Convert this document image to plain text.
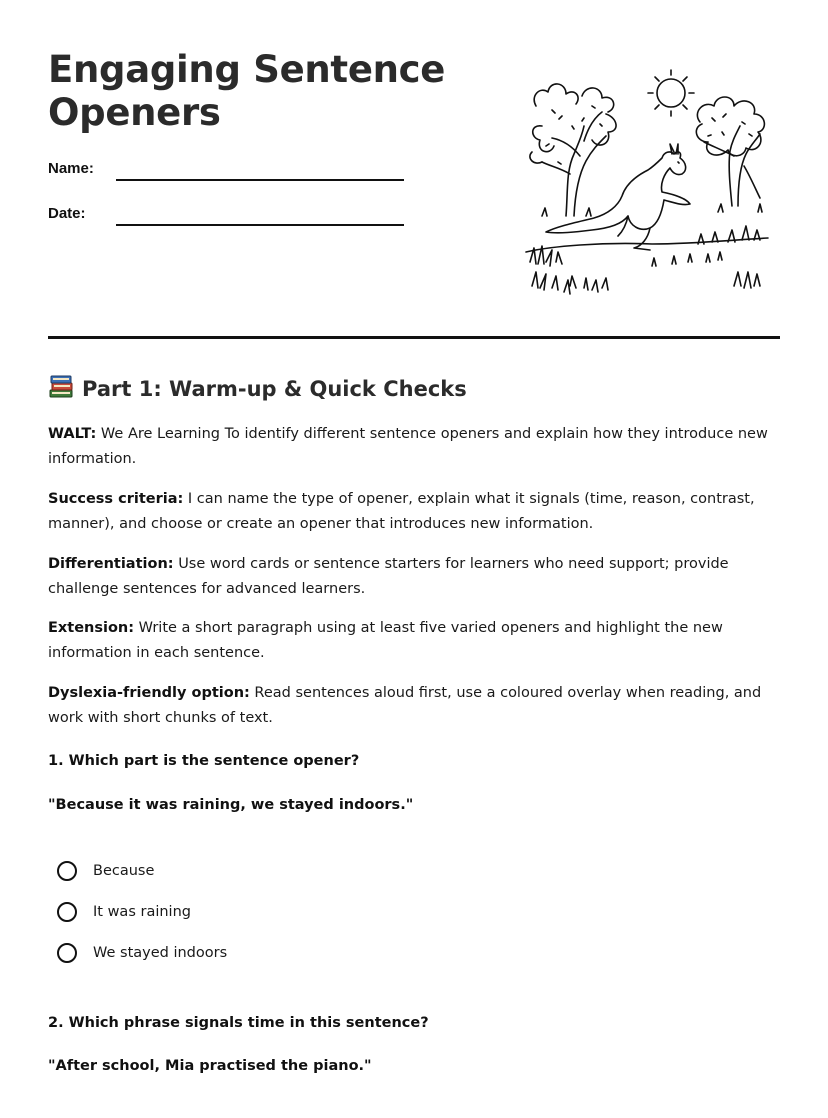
Engaging Sentence Openers
Name:
Date:
Part 1: Warm-up & Quick Checks

WALT: We Are Learning To identify different sentence openers and explain how they introduce new information.

Success criteria: I can name the type of opener, explain what it signals (time, reason, contrast, manner), and choose or create an opener that introduces new information.

Differentiation: Use word cards or sentence starters for learners who need support; provide challenge sentences for advanced learners.

Extension: Write a short paragraph using at least five varied openers and highlight the new information in each sentence.

Dyslexia-friendly option: Read sentences aloud first, use a coloured overlay when reading, and work with short chunks of text.

1. Which part is the sentence opener?

"Because it was raining, we stayed indoors."

Because
It was raining
We stayed indoors

2. Which phrase signals time in this sentence?

"After school, Mia practised the piano."
